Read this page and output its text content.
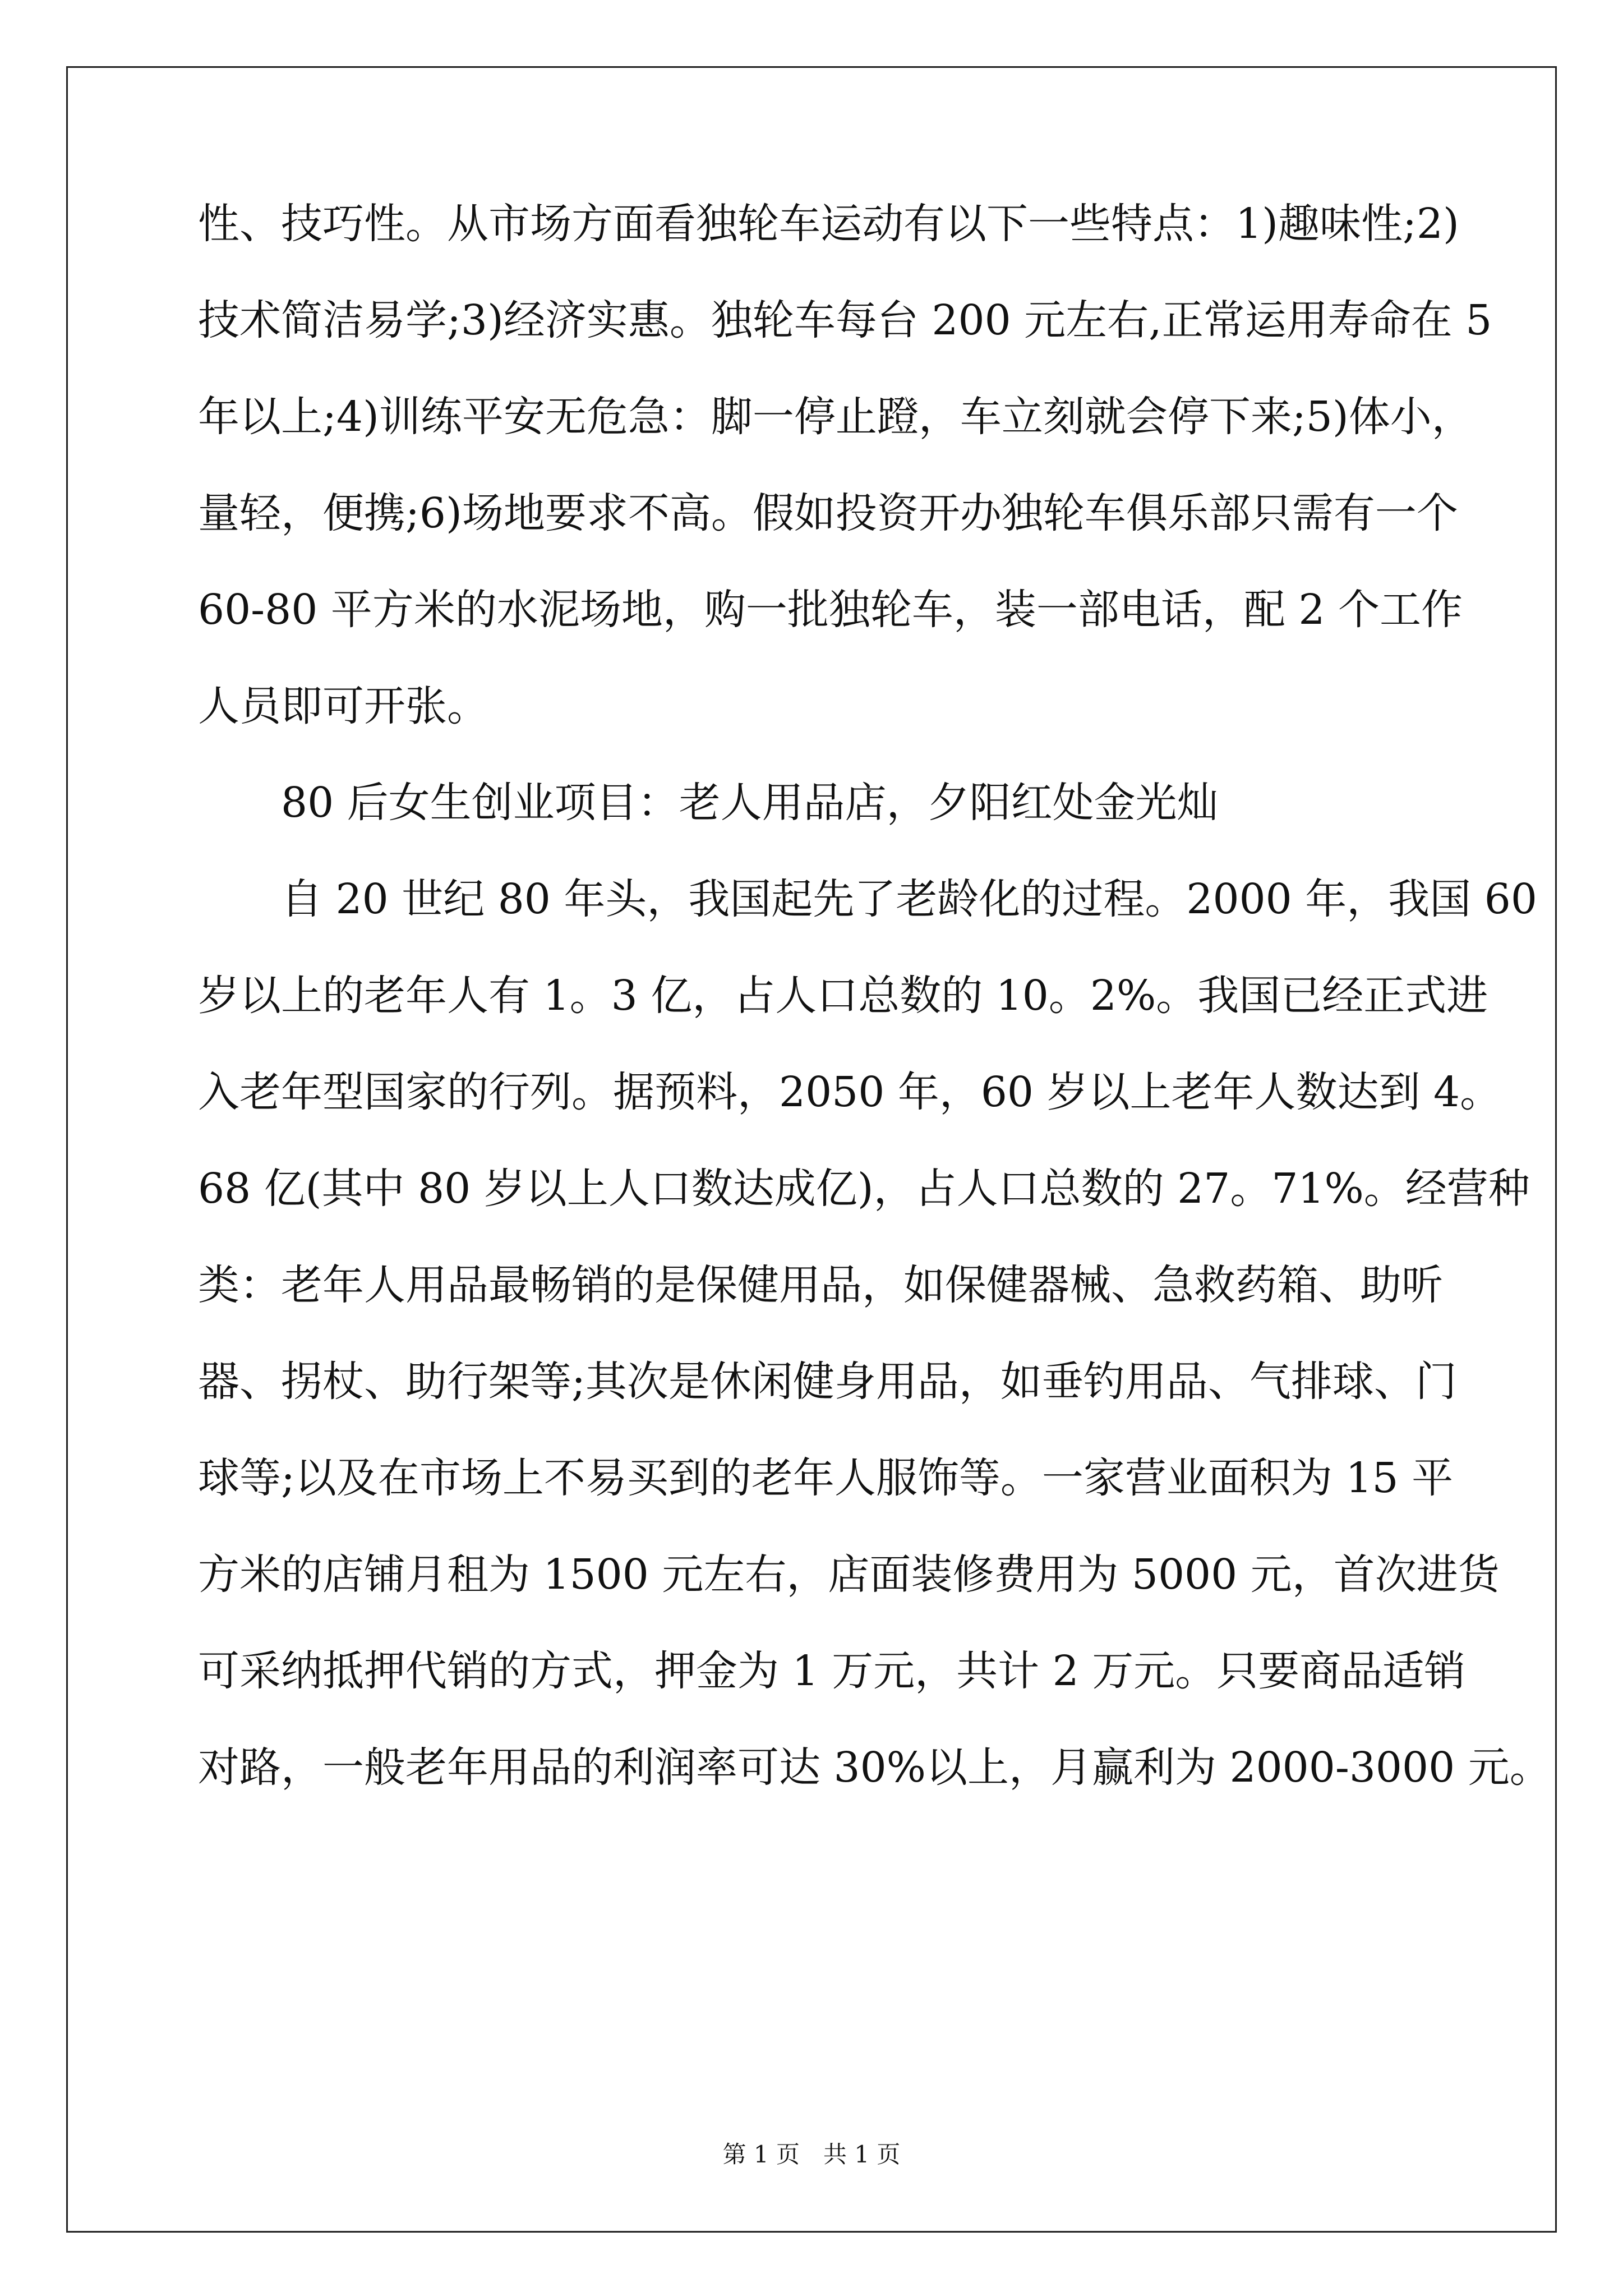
性、技巧性。从市场方面看独轮车运动有以下一些特点：1)趣味性;2)
技术简洁易学;3)经济实惠。独轮车每台 200 元左右,正常运用寿命在 5
年以上;4)训练平安无危急：脚一停止蹬，车立刻就会停下来;5)体小，
量轻，便携;6)场地要求不高。假如投资开办独轮车俱乐部只需有一个
60-80 平方米的水泥场地，购一批独轮车，装一部电话，配 2 个工作
人员即可开张。
80 后女生创业项目：老人用品店，夕阳红处金光灿
自 20 世纪 80 年头，我国起先了老龄化的过程。2000 年，我国 60
岁以上的老年人有 1。3 亿，占人口总数的 10。2%。我国已经正式进
入老年型国家的行列。据预料，2050 年，60 岁以上老年人数达到 4。
68 亿(其中 80 岁以上人口数达成亿)，占人口总数的 27。71%。经营种
类：老年人用品最畅销的是保健用品，如保健器械、急救药箱、助听
器、拐杖、助行架等;其次是休闲健身用品，如垂钓用品、气排球、门
球等;以及在市场上不易买到的老年人服饰等。一家营业面积为 15 平
方米的店铺月租为 1500 元左右，店面装修费用为 5000 元，首次进货
可采纳抵押代销的方式，押金为 1 万元，共计 2 万元。只要商品适销
对路，一般老年用品的利润率可达 30%以上，月赢利为 2000-3000 元。
第 1 页　共 1 页
